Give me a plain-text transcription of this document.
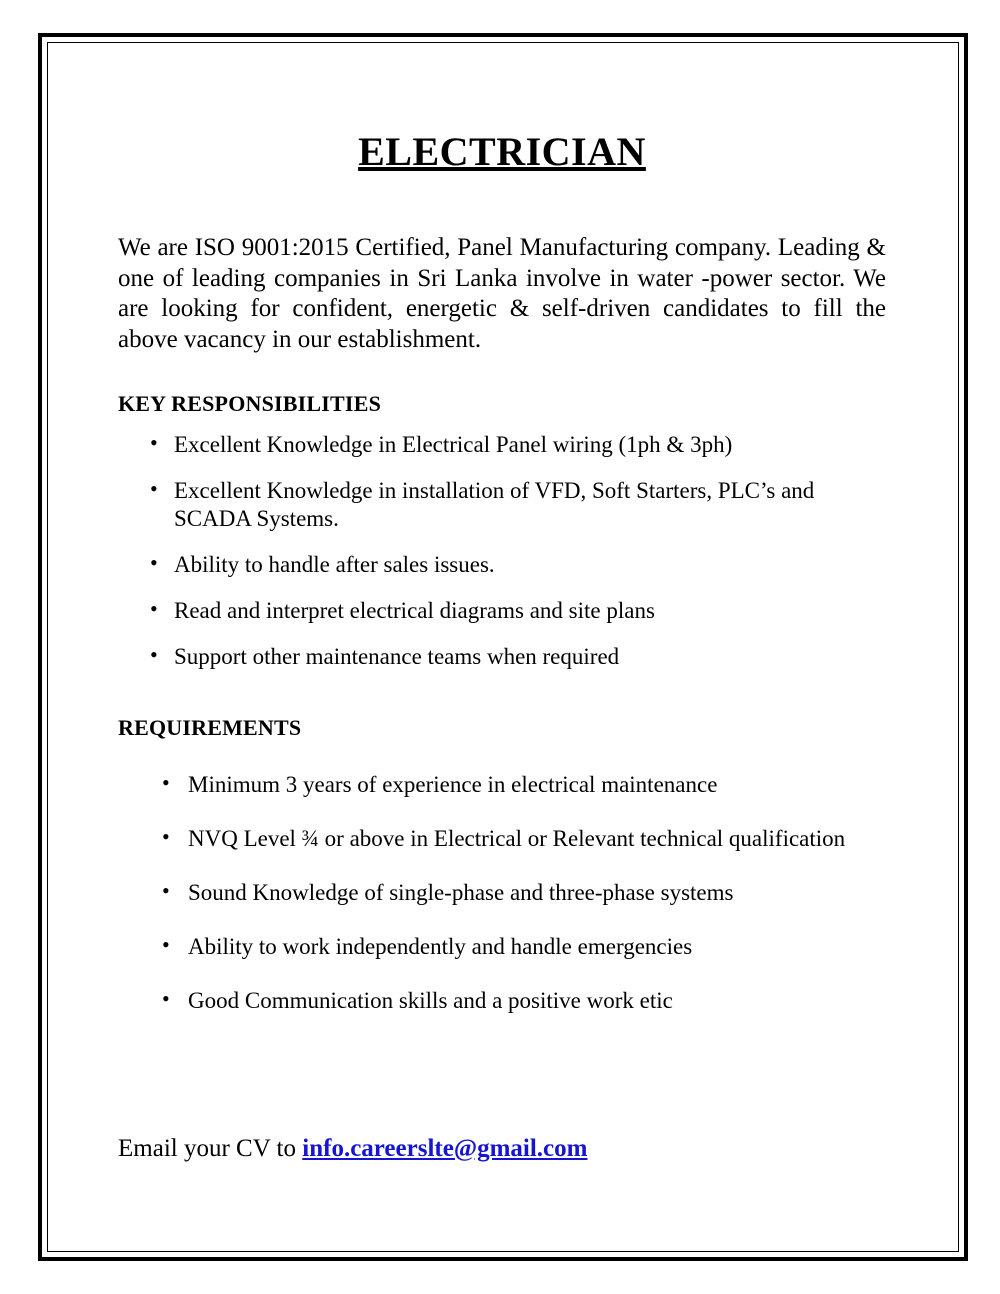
ELECTRICIAN

We are ISO 9001:2015 Certified, Panel Manufacturing company. Leading & one of leading companies in Sri Lanka involve in water -power sector. We are looking for confident, energetic & self-driven candidates to fill the above vacancy in our establishment.

KEY RESPONSIBILITIES
• Excellent Knowledge in Electrical Panel wiring (1ph & 3ph)
• Excellent Knowledge in installation of VFD, Soft Starters, PLC’s and SCADA Systems.
• Ability to handle after sales issues.
• Read and interpret electrical diagrams and site plans
• Support other maintenance teams when required
REQUIREMENTS
• Minimum 3 years of experience in electrical maintenance
• NVQ Level ¾ or above in Electrical or Relevant technical qualification
• Sound Knowledge of single-phase and three-phase systems
• Ability to work independently and handle emergencies
• Good Communication skills and a positive work etic
Email your CV to info.careerslte@gmail.com
